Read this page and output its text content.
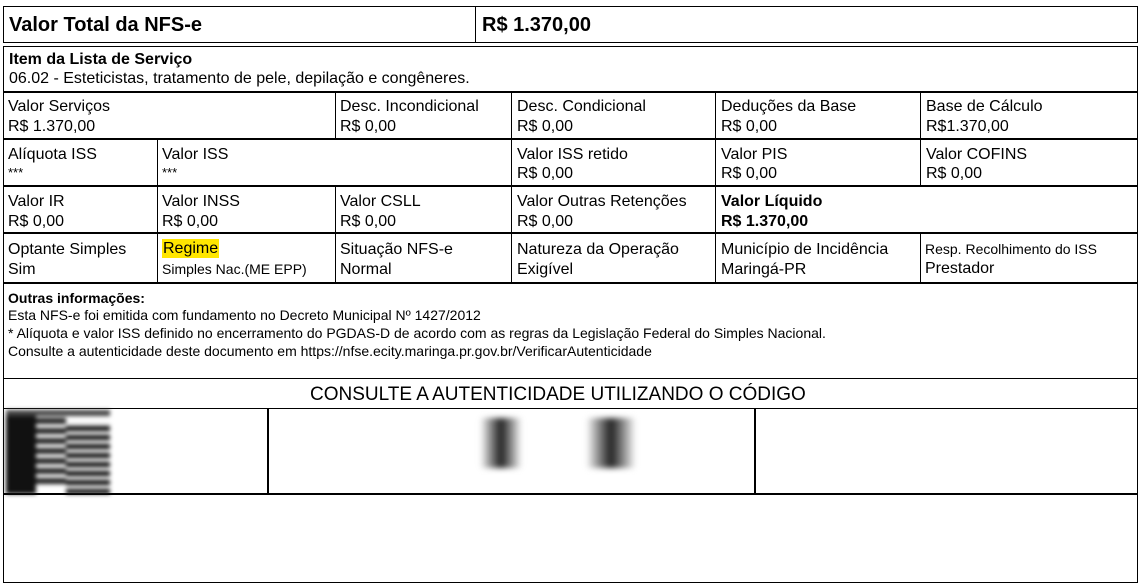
Valor Total da NFS-e	R$ 1.370,00
Item da Lista de Serviço
06.02 - Esteticistas, tratamento de pele, depilação e congêneres.
Valor Serviços
R$ 1.370,00
Desc. Incondicional
R$ 0,00
Desc. Condicional
R$ 0,00
Deduções da Base
R$ 0,00
Base de Cálculo
R$1.370,00
Alíquota ISS
***
Valor ISS
***
Valor ISS retido
R$ 0,00
Valor PIS
R$ 0,00
Valor COFINS
R$ 0,00
Valor IR
R$ 0,00
Valor INSS
R$ 0,00
Valor CSLL
R$ 0,00
Valor Outras Retenções
R$ 0,00
Valor Líquido
R$ 1.370,00
Optante Simples
Sim
Regime
Simples Nac.(ME EPP)
Situação NFS-e
Normal
Natureza da Operação
Exigível
Município de Incidência
Maringá-PR
Resp. Recolhimento do ISS
Prestador
Outras informações:
Esta NFS-e foi emitida com fundamento no Decreto Municipal Nº 1427/2012
* Alíquota e valor ISS definido no encerramento do PGDAS-D de acordo com as regras da Legislação Federal do Simples Nacional.
Consulte a autenticidade deste documento em https://nfse.ecity.maringa.pr.gov.br/VerificarAutenticidade
CONSULTE A AUTENTICIDADE UTILIZANDO O CÓDIGO
